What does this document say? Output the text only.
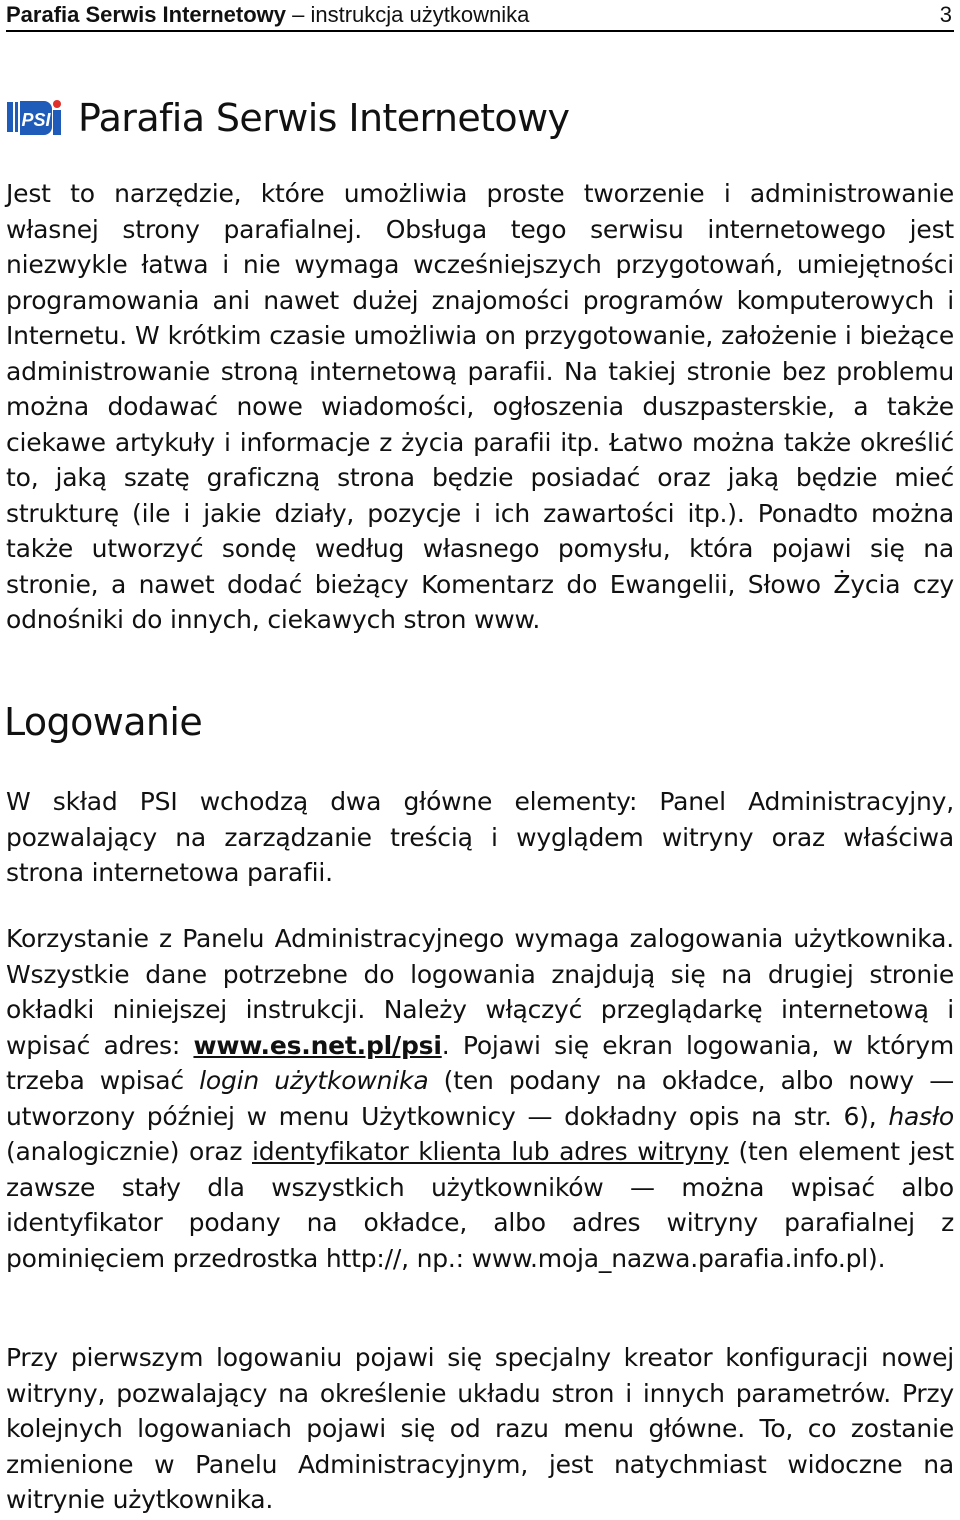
Parafia Serwis Internetowy – instrukcja użytkownika	3
PSI Parafia Serwis Internetowy

Jest to narzędzie, które umożliwia proste tworzenie i administrowanie własnej strony parafialnej. Obsługa tego serwisu internetowego jest niezwykle łatwa i nie wymaga wcześniejszych przygotowań, umiejętności programowania ani nawet dużej znajomości programów komputerowych i Internetu. W krótkim czasie umożliwia on przygotowanie, założenie i bieżące administrowanie stroną internetową parafii. Na takiej stronie bez problemu można dodawać nowe wiadomości, ogłoszenia duszpasterskie, a także ciekawe artykuły i informacje z życia parafii itp. Łatwo można także określić to, jaką szatę graficzną strona będzie posiadać oraz jaką będzie mieć strukturę (ile i jakie działy, pozycje i ich zawartości itp.). Ponadto można także utworzyć sondę według własnego pomysłu, która pojawi się na stronie, a nawet dodać bieżący Komentarz do Ewangelii, Słowo Życia czy odnośniki do innych, ciekawych stron www.

Logowanie

W skład PSI wchodzą dwa główne elementy: Panel Administracyjny, pozwalający na zarządzanie treścią i wyglądem witryny oraz właściwa strona internetowa parafii.

Korzystanie z Panelu Administracyjnego wymaga zalogowania użytkownika. Wszystkie dane potrzebne do logowania znajdują się na drugiej stronie okładki niniejszej instrukcji. Należy włączyć przeglądarkę internetową i wpisać adres: www.es.net.pl/psi. Pojawi się ekran logowania, w którym trzeba wpisać login użytkownika (ten podany na okładce, albo nowy — utworzony później w menu Użytkownicy — dokładny opis na str. 6), hasło (analogicznie) oraz identyfikator klienta lub adres witryny (ten element jest zawsze stały dla wszystkich użytkowników — można wpisać albo identyfikator podany na okładce, albo adres witryny parafialnej z pominięciem przedrostka http://, np.: www.moja_nazwa.parafia.info.pl).

Przy pierwszym logowaniu pojawi się specjalny kreator konfiguracji nowej witryny, pozwalający na określenie układu stron i innych parametrów. Przy kolejnych logowaniach pojawi się od razu menu główne. To, co zostanie zmienione w Panelu Administracyjnym, jest natychmiast widoczne na witrynie użytkownika.
